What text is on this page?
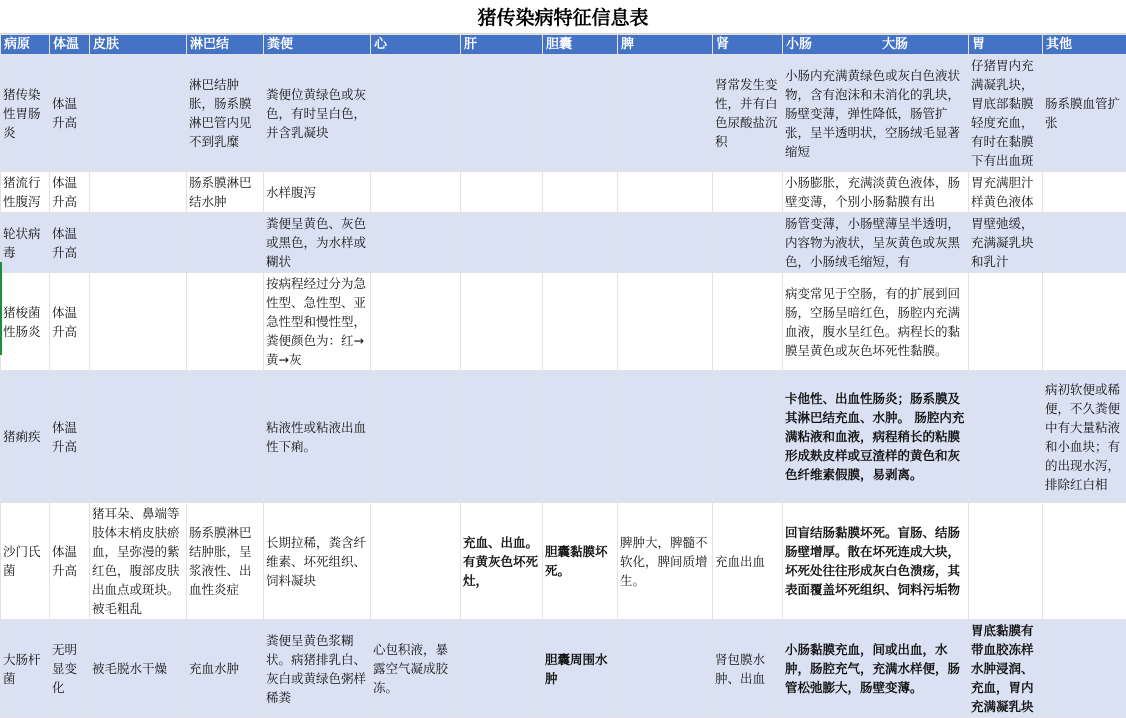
猪传染病特征信息表
病原	体温	皮肤	淋巴结	粪便	心	肝	胆囊	脾	肾	小肠 大肠	胃	其他
猪传染性胃肠炎	体温升高		淋巴结肿胀，肠系膜淋巴管内见不到乳糜	粪便位黄绿色或灰色，有时呈白色，并含乳凝块					肾常发生变性，并有白色尿酸盐沉积	小肠内充满黄绿色或灰白色液状物，含有泡沫和未消化的乳块，肠壁变薄，弹性降低，肠管扩张，呈半透明状，空肠绒毛显著缩短	仔猪胃内充满凝乳块，胃底部黏膜轻度充血，有时在黏膜下有出血斑	肠系膜血管扩张
猪流行性腹泻	体温升高		肠系膜淋巴结水肿	水样腹泻						小肠膨胀，充满淡黄色液体，肠壁变薄，个别小肠黏膜有出	胃充满胆汁样黄色液体	
轮状病毒	体温升高			粪便呈黄色、灰色或黑色，为水样或糊状						肠管变薄，小肠壁薄呈半透明，内容物为液状，呈灰黄色或灰黑色，小肠绒毛缩短，有	胃壁弛缓，充满凝乳块和乳汁	
猪梭菌性肠炎	体温升高			按病程经过分为急性型、急性型、亚急性型和慢性型，粪便颜色为：红→黄→灰						病变常见于空肠，有的扩展到回肠，空肠呈暗红色，肠腔内充满血液，腹水呈红色。病程长的黏膜呈黄色或灰色坏死性黏膜。		
猪痢疾	体温升高			粘液性或粘液出血性下痢。						卡他性、出血性肠炎；肠系膜及其淋巴结充血、水肿。 肠腔内充满粘液和血液，病程稍长的粘膜形成麸皮样或豆渣样的黄色和灰色纤维素假膜，易剥离。		病初软便或稀便，不久粪便中有大量粘液和小血块；有的出现水泻，排除红白相
沙门氏菌	体温升高	猪耳朵、鼻端等肢体末梢皮肤瘀血，呈弥漫的紫红色，腹部皮肤出血点或斑块。被毛粗乱	肠系膜淋巴结肿胀，呈浆液性、出血性炎症	长期拉稀，粪含纤维素、坏死组织、饲料凝块		充血、出血。有黄灰色坏死灶，	胆囊黏膜坏死。	脾肿大，脾髓不软化，脾间质增生。	充血出血	回盲结肠黏膜坏死。盲肠、结肠肠壁增厚。散在坏死连成大块，坏死处往往形成灰白色溃疡，其表面覆盖坏死组织、饲料污垢物		
大肠杆菌	无明显变化	被毛脱水干燥	充血水肿	粪便呈黄色浆糊状。病猪排乳白、灰白或黄绿色粥样稀粪	心包积液，暴露空气凝成胶冻。		胆囊周围水肿		肾包膜水肿、出血	小肠黏膜充血，间或出血，水肿，肠腔充气，充满水样便，肠管松弛膨大，肠壁变薄。	胃底黏膜有带血胶冻样水肿浸润、充血，胃内充满凝乳块	
